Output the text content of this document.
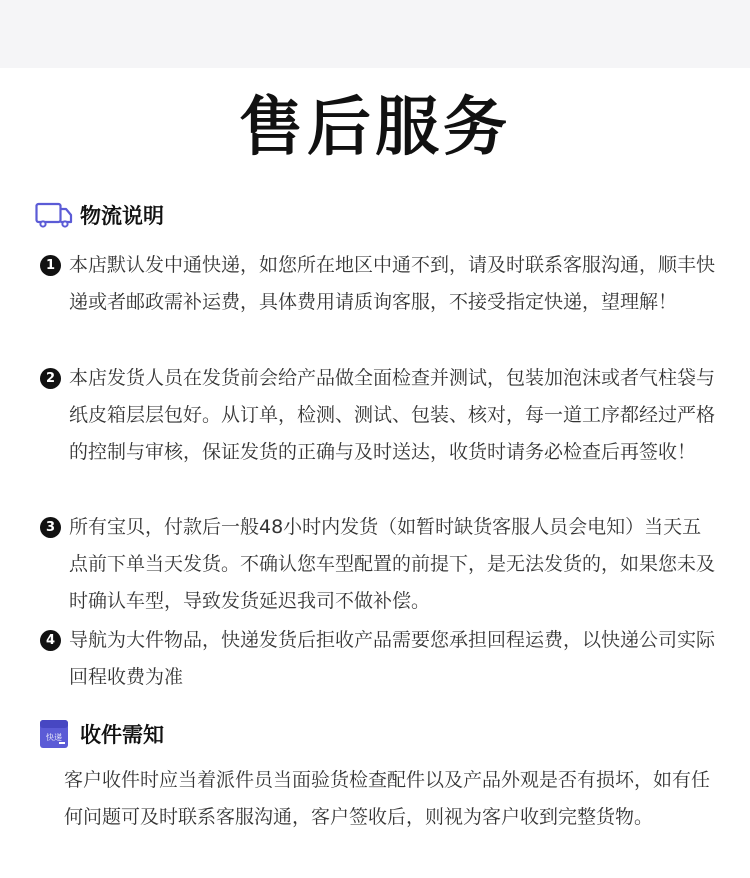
售后服务
物流说明
1 本店默认发中通快递，如您所在地区中通不到，请及时联系客服沟通，顺丰快递或者邮政需补运费，具体费用请质询客服，不接受指定快递，望理解！
2 本店发货人员在发货前会给产品做全面检查并测试，包装加泡沫或者气柱袋与纸皮箱层层包好。从订单，检测、测试、包装、核对，每一道工序都经过严格的控制与审核，保证发货的正确与及时送达，收货时请务必检查后再签收！
3 所有宝贝，付款后一般48小时内发货（如暂时缺货客服人员会电知）当天五点前下单当天发货。不确认您车型配置的前提下，是无法发货的，如果您未及时确认车型，导致发货延迟我司不做补偿。
4 导航为大件物品，快递发货后拒收产品需要您承担回程运费，以快递公司实际回程收费为准
快递 收件需知
客户收件时应当着派件员当面验货检查配件以及产品外观是否有损坏，如有任何问题可及时联系客服沟通，客户签收后，则视为客户收到完整货物。
